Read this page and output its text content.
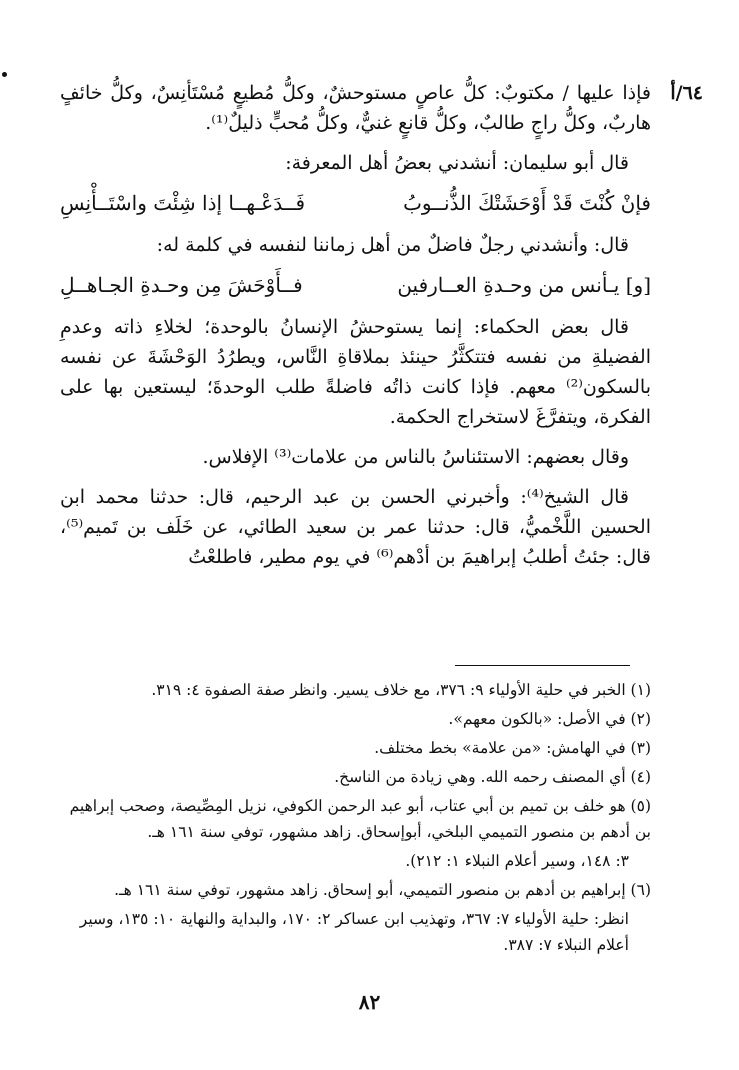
٦٤/أ

فإذا عليها / مكتوبٌ: كلُّ عاصٍ مستوحشٌ، وكلُّ مُطيعٍ مُسْتَأنِسٌ، وكلُّ خائفٍ هاربٌ، وكلُّ راجٍ طالبٌ، وكلُّ قانعٍ غنيٌّ، وكلُّ مُحبٍّ ذليلٌ⁽¹⁾.

قال أبو سليمان: أنشدني بعضُ أهل المعرفة:

فإنْ كُنْتَ قَدْ أَوْحَشَتْكَ الذُّنــوبُ
فَــدَعْـهــا إذا شِئْتَ واسْتَــأْنِسِ

قال: وأنشدني رجلٌ فاضلٌ من أهل زماننا لنفسه في كلمة له:

[و] يـأنس من وحـدةِ العــارفين
فــأَوْحَشَ مِن وحـدةِ الجـاهــلِ

قال بعض الحكماء: إنما يستوحشُ الإنسانُ بالوحدة؛ لخلاءِ ذاته وعدمِ الفضيلةِ من نفسه فتتكثَّرُ حينئذ بملاقاةِ النَّاس، ويطرُدُ الوَحْشَةَ عن نفسه بالسكون⁽²⁾ معهم. فإذا كانت ذاتُه فاضلةً طلب الوحدةَ؛ ليستعين بها على الفكرة، ويتفرَّغَ لاستخراج الحكمة.

وقال بعضهم: الاستئناسُ بالناس من علامات⁽³⁾ الإفلاس.

قال الشيخ⁽⁴⁾: وأخبرني الحسن بن عبد الرحيم، قال: حدثنا محمد ابن الحسين اللَّخْميُّ، قال: حدثنا عمر بن سعيد الطائي، عن خَلَف بن تَميم⁽⁵⁾، قال: جئتُ أطلبُ إبراهيمَ بن أدْهم⁽⁶⁾ في يوم مطير، فاطلعْتُ

(١) الخبر في حلية الأولياء ٩: ٣٧٦، مع خلاف يسير. وانظر صفة الصفوة ٤: ٣١٩.
(٢) في الأصل: «بالكون معهم».
(٣) في الهامش: «من علامة» بخط مختلف.
(٤) أي المصنف رحمه الله. وهي زيادة من الناسخ.
(٥) هو خلف بن تميم بن أبي عتاب، أبو عبد الرحمن الكوفي، نزيل المِصِّيصة، وصحب إبراهيم بن أدهم بن منصور التميمي البلخي، أبوإسحاق. زاهد مشهور، توفي سنة ١٦١ هـ.
٣: ١٤٨، وسير أعلام النبلاء ١: ٢١٢).
(٦) إبراهيم بن أدهم بن منصور التميمي، أبو إسحاق. زاهد مشهور، توفي سنة ١٦١ هـ.
انظر: حلية الأولياء ٧: ٣٦٧، وتهذيب ابن عساكر ٢: ١٧٠، والبداية والنهاية ١٠: ١٣٥، وسير أعلام النبلاء ٧: ٣٨٧.
٨٢
